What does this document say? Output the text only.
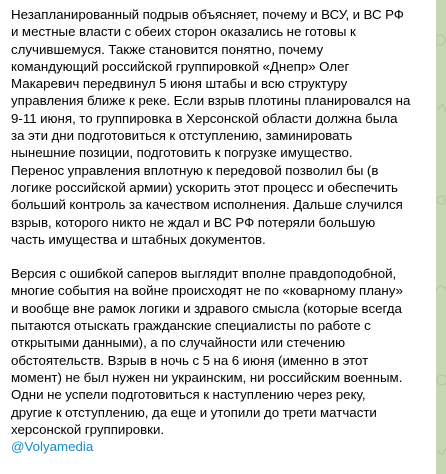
Незапланированный подрыв объясняет, почему и ВСУ, и ВС РФ
и местные власти с обеих сторон оказались не готовы к
случившемуся. Также становится понятно, почему
командующий российской группировкой «Днепр» Олег
Макаревич передвинул 5 июня штабы и всю структуру
управления ближе к реке. Если взрыв плотины планировался на
9-11 июня, то группировка в Херсонской области должна была
за эти дни подготовиться к отступлению, заминировать
нынешние позиции, подготовить к погрузке имущество.
Перенос управления вплотную к передовой позволил бы (в
логике российской армии) ускорить этот процесс и обеспечить
больший контроль за качеством исполнения. Дальше случился
взрыв, которого никто не ждал и ВС РФ потеряли большую
часть имущества и штабных документов.

Версия с ошибкой саперов выглядит вполне правдоподобной,
многие события на войне происходят не по «коварному плану»
и вообще вне рамок логики и здравого смысла (которые всегда
пытаются отыскать гражданские специалисты по работе с
открытыми данными), а по случайности или стечению
обстоятельств. Взрыв в ночь с 5 на 6 июня (именно в этот
момент) не был нужен ни украинским, ни российским военным.
Одни не успели подготовиться к наступлению через реку,
другие к отступлению, да еще и утопили до трети матчасти
херсонской группировки.

@Volyamedia
